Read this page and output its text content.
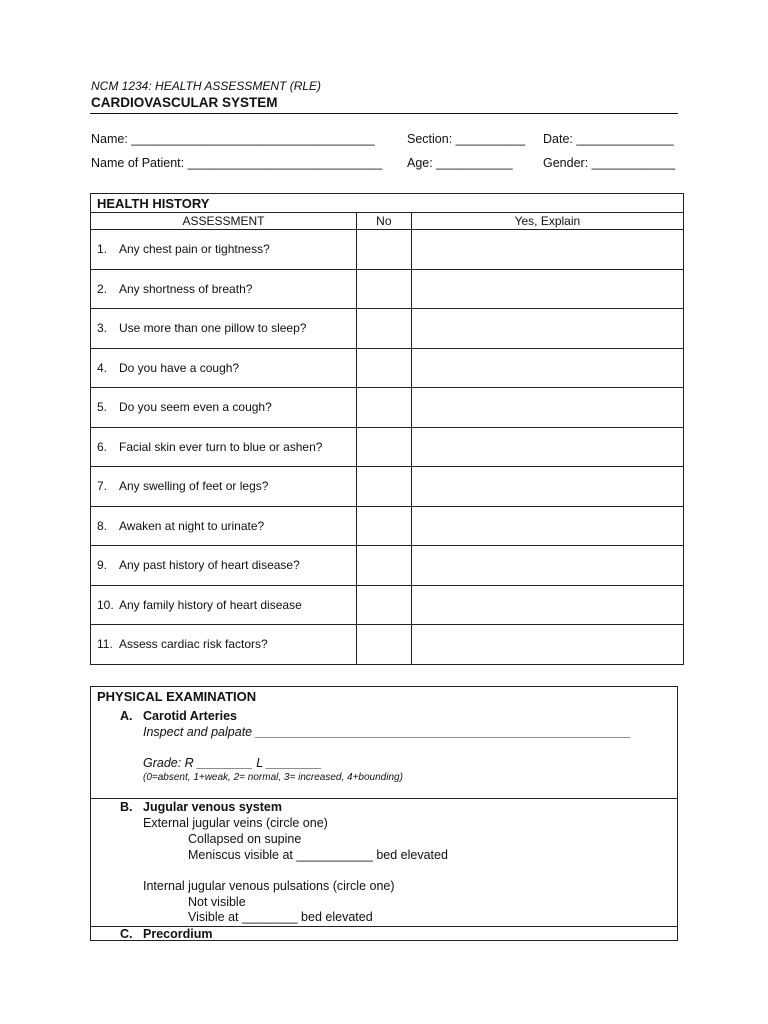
NCM 1234: HEALTH ASSESSMENT (RLE)
CARDIOVASCULAR SYSTEM
Name: ___________________________________	Section: __________ Date: ______________
Name of Patient: ____________________________ Age: ___________ Gender: ____________
HEALTH HISTORY		
ASSESSMENT	No	Yes, Explain

1. Any chest pain or tightness?		

2. Any shortness of breath?		

3. Use more than one pillow to sleep?		

4. Do you have a cough?		

5. Do you seem even a cough?		

6. Facial skin ever turn to blue or ashen?		

7. Any swelling of feet or legs?		

8. Awaken at night to urinate?		

9. Any past history of heart disease?		

10. Any family history of heart disease		

11. Assess cardiac risk factors?		

PHYSICAL EXAMINATION
A. Carotid Arteries
Inspect and palpate ______________________________________________________
Grade: R ________ L ________
(0=absent, 1+weak, 2= normal, 3= increased, 4+bounding)
B. Jugular venous system
External jugular veins (circle one)
Collapsed on supine
Meniscus visible at ___________ bed elevated
Internal jugular venous pulsations (circle one)
Not visible
Visible at ________ bed elevated
C. Precordium
